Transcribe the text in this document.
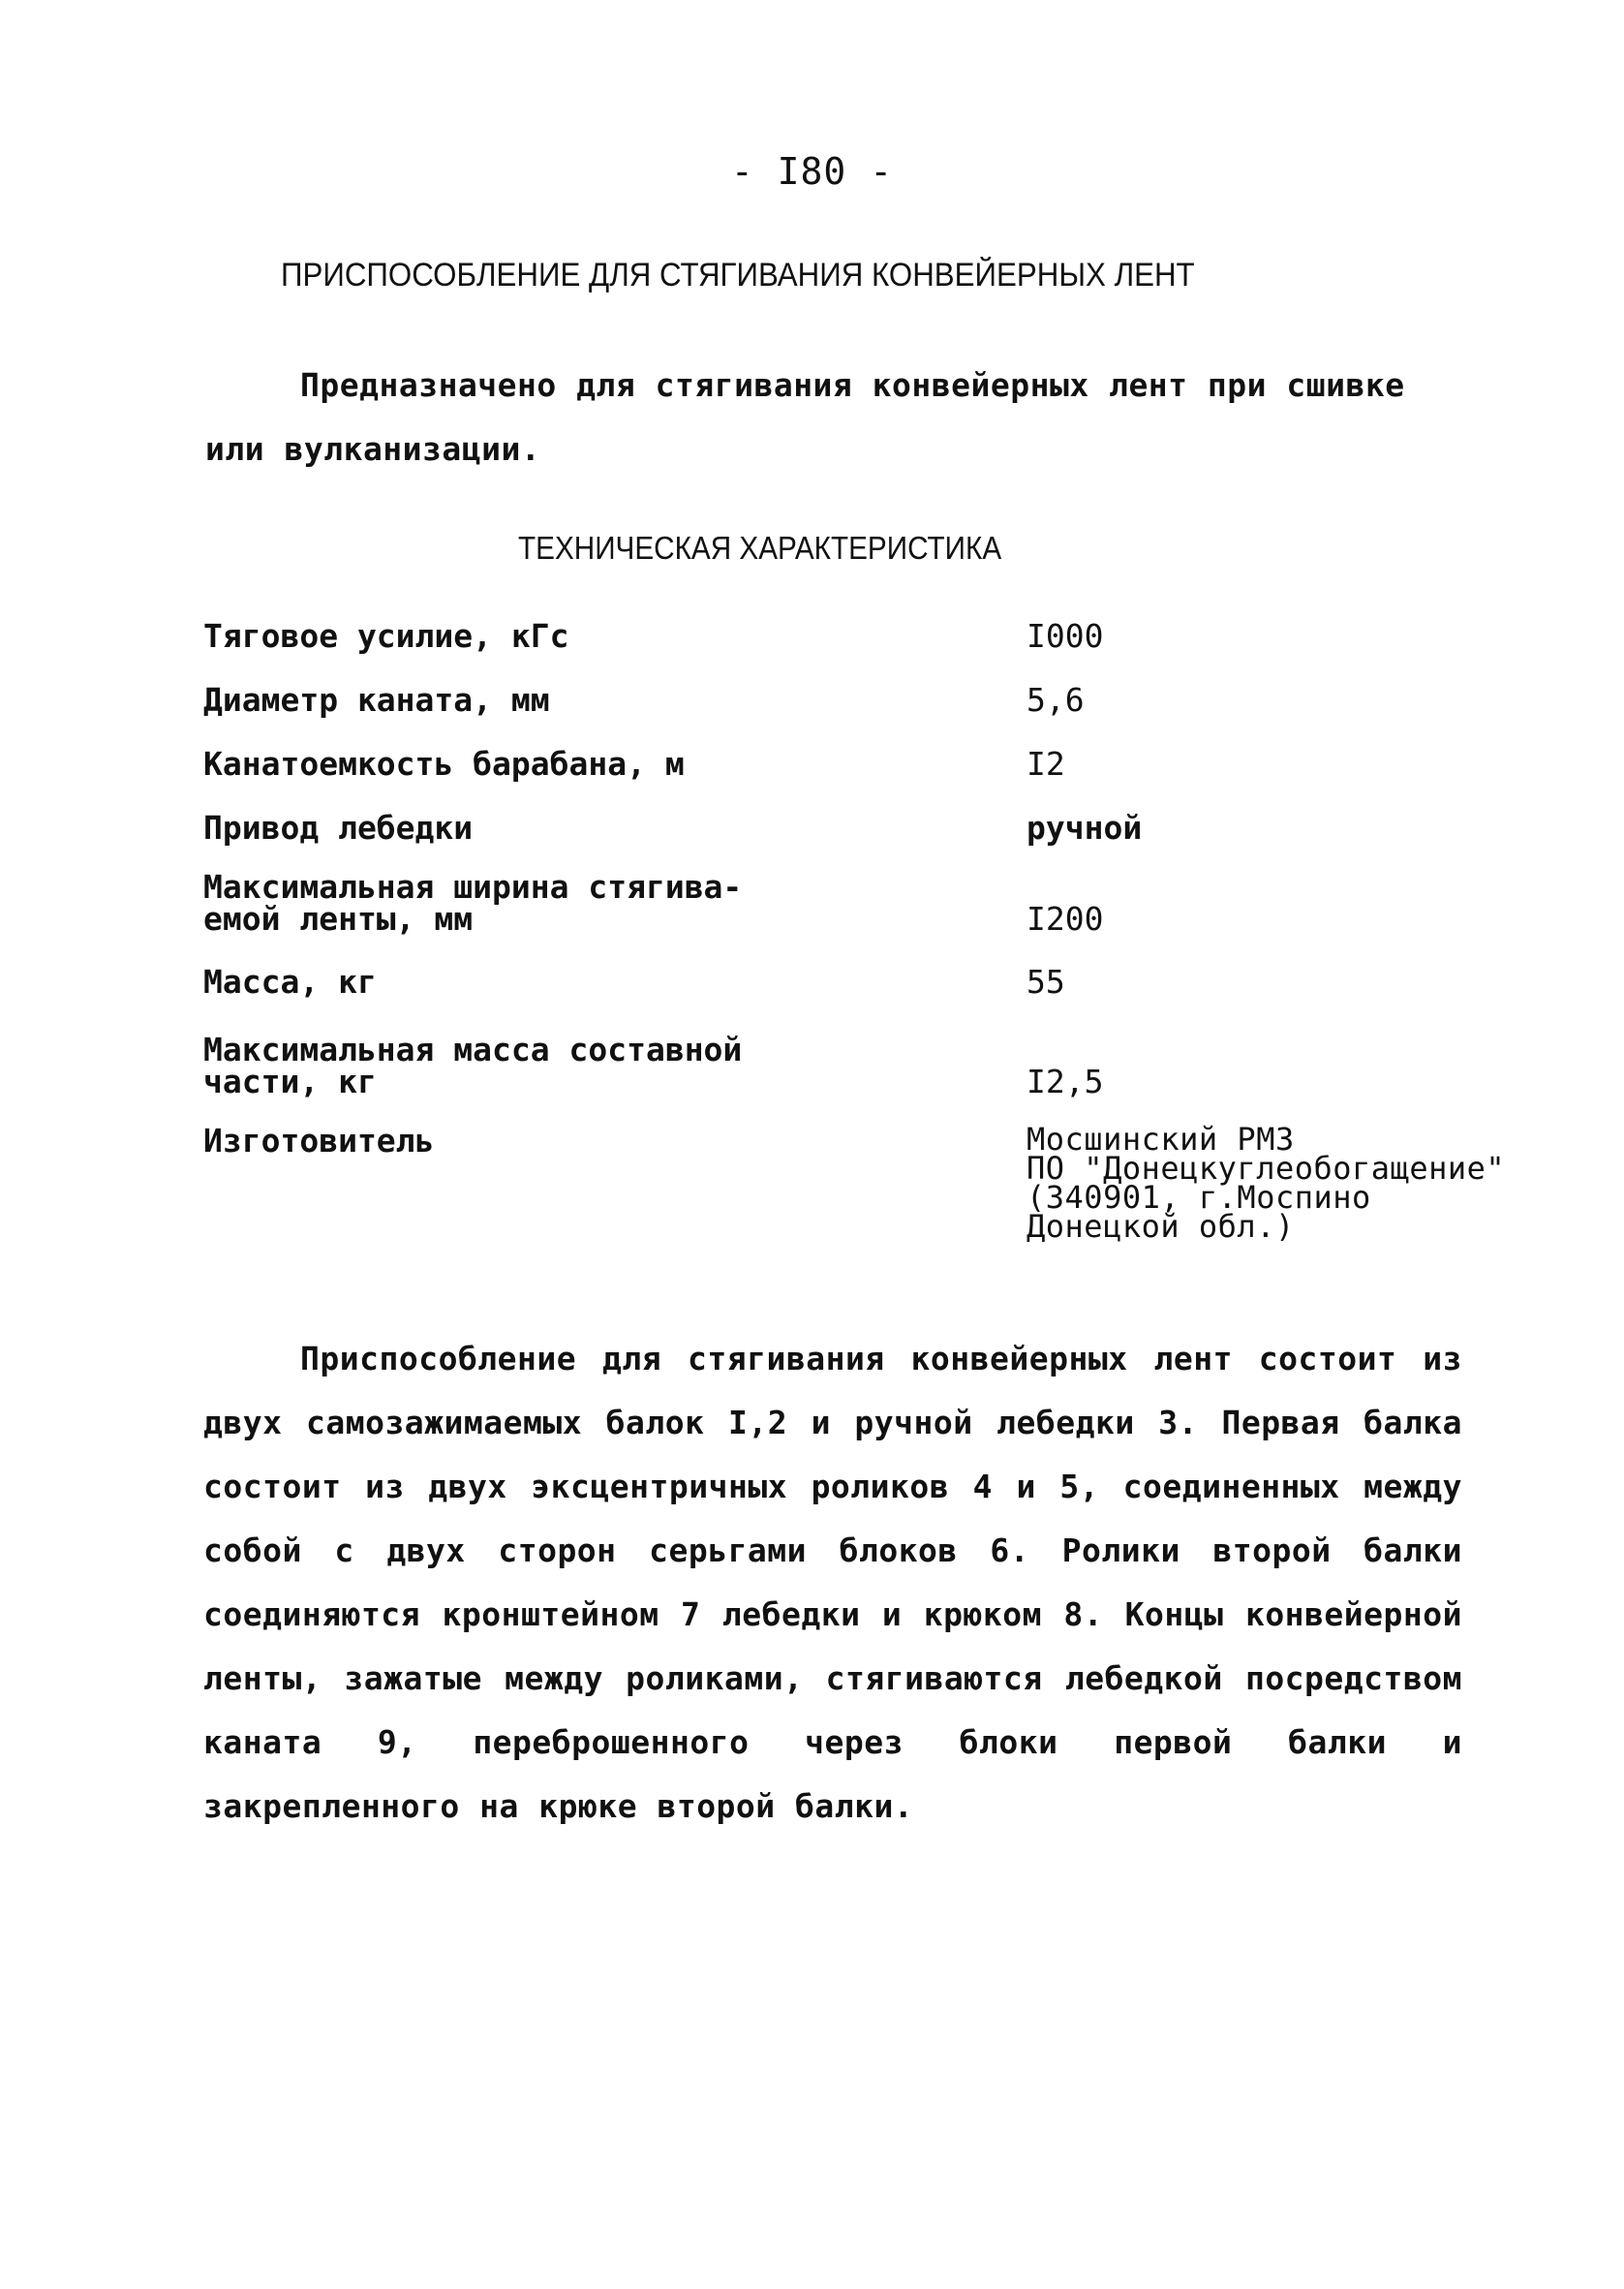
- I80 -
ПРИСПОСОБЛЕНИЕ ДЛЯ СТЯГИВАНИЯ КОНВЕЙЕРНЫХ ЛЕНТ
Предназначено для стягивания конвейерных лент при сшивке или вулканизации.
ТЕХНИЧЕСКАЯ ХАРАКТЕРИСТИКА
Тяговое усилие, кГс	I000
Диаметр каната, мм	5,6
Канатоемкость барабана, м	I2
Привод лебедки	ручной
Максимальная ширина стягива-
емой ленты, мм	I200
Масса, кг	55
Максимальная масса составной
части, кг	I2,5
Изготовитель	Мосшинский РМЗ
ПО "Донецкуглеобогащение"
(340901, г.Моспино
Донецкой обл.)
Приспособление для стягивания конвейерных лент состоит из двух самозажимаемых балок I,2 и ручной лебедки 3. Первая балка состоит из двух эксцентричных роликов 4 и 5, соединенных между собой с двух сторон серьгами блоков 6. Ролики второй балки соединяются кронштейном 7 лебедки и крюком 8. Концы конвейерной ленты, зажатые между роликами, стягиваются лебедкой посредством каната 9, переброшенного через блоки первой балки и закрепленного на крюке второй балки.
